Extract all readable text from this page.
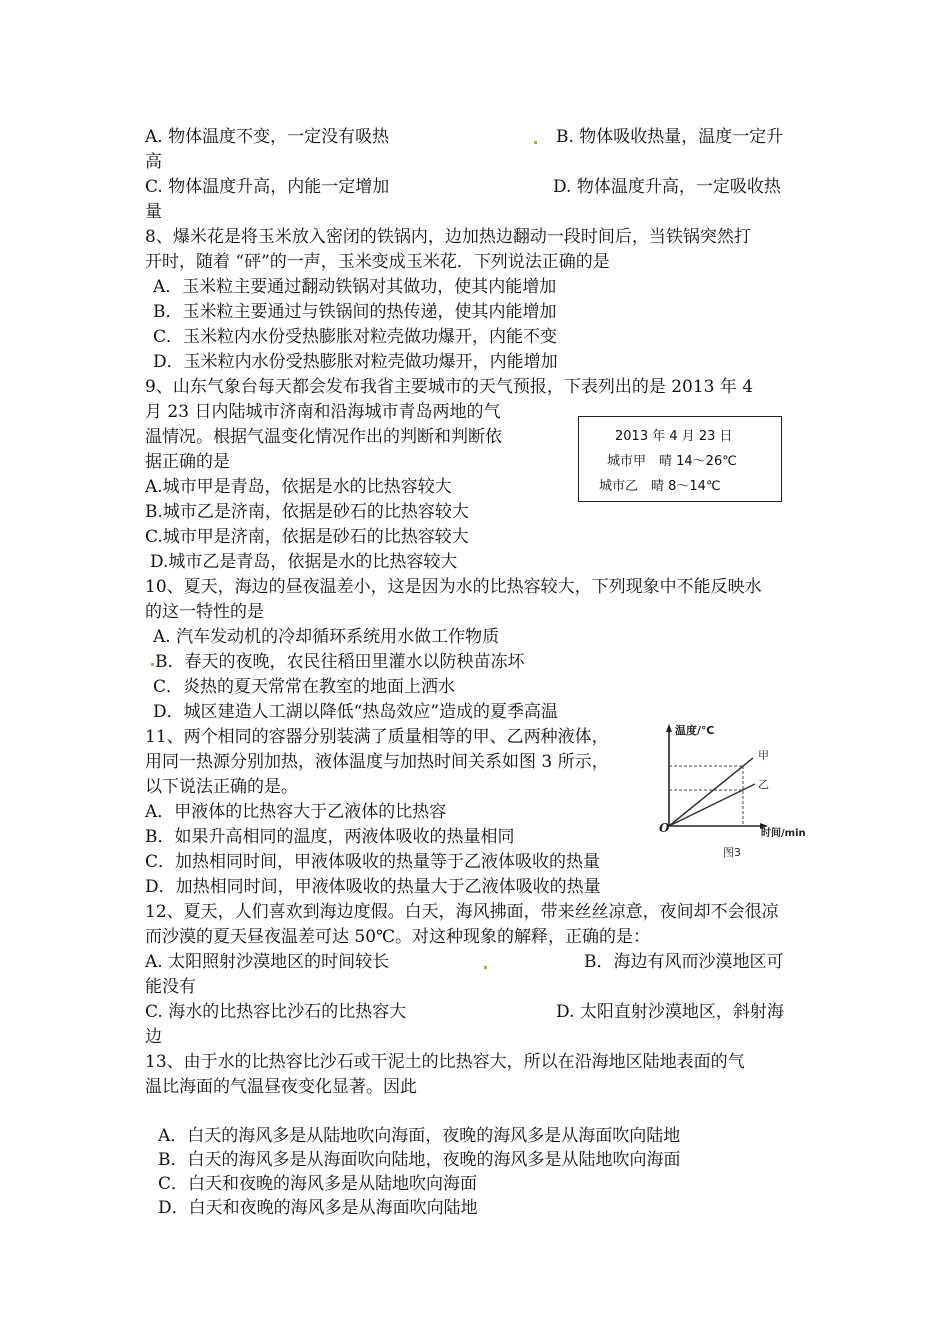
A. 物体温度不变，一定没有吸热	B. 物体吸收热量，温度一定升
高
C. 物体温度升高，内能一定增加	D. 物体温度升高，一定吸收热
量
8、爆米花是将玉米放入密闭的铁锅内，边加热边翻动一段时间后，当铁锅突然打
开时，随着 “砰”的一声，玉米变成玉米花．下列说法正确的是
A．玉米粒主要通过翻动铁锅对其做功，使其内能增加
B．玉米粒主要通过与铁锅间的热传递，使其内能增加
C．玉米粒内水份受热膨胀对粒壳做功爆开，内能不变
D．玉米粒内水份受热膨胀对粒壳做功爆开，内能增加
9、山东气象台每天都会发布我省主要城市的天气预报，下表列出的是 2013 年 4
月 23 日内陆城市济南和沿海城市青岛两地的气
温情况。根据气温变化情况作出的判断和判断依
据正确的是
A.城市甲是青岛，依据是水的比热容较大
B.城市乙是济南，依据是砂石的比热容较大
C.城市甲是济南，依据是砂石的比热容较大
D.城市乙是青岛，依据是水的比热容较大
2013 年 4 月 23 日
城市甲　晴 14～26℃
城市乙　晴 8～14℃
10、夏天，海边的昼夜温差小，这是因为水的比热容较大，下列现象中不能反映水
的这一特性的是
A. 汽车发动机的冷却循环系统用水做工作物质
B．春天的夜晚，农民往稻田里灌水以防秧苗冻坏
C．炎热的夏天常常在教室的地面上洒水
D．城区建造人工湖以降低“热岛效应”造成的夏季高温
11、两个相同的容器分别装满了质量相等的甲、乙两种液体，
用同一热源分别加热，液体温度与加热时间关系如图 3 所示，
以下说法正确的是。
A．甲液体的比热容大于乙液体的比热容
B．如果升高相同的温度，两液体吸收的热量相同
C．加热相同时间，甲液体吸收的热量等于乙液体吸收的热量
D．加热相同时间，甲液体吸收的热量大于乙液体吸收的热量
温度/℃
甲
乙
O	时间/min
图3
12、夏天，人们喜欢到海边度假。白天，海风拂面，带来丝丝凉意，夜间却不会很凉
而沙漠的夏天昼夜温差可达 50℃。对这种现象的解释，正确的是：
A. 太阳照射沙漠地区的时间较长	B．海边有风而沙漠地区可
能没有
C. 海水的比热容比沙石的比热容大	D. 太阳直射沙漠地区，斜射海
边
13、由于水的比热容比沙石或干泥土的比热容大，所以在沿海地区陆地表面的气
温比海面的气温昼夜变化显著。因此
A．白天的海风多是从陆地吹向海面，夜晚的海风多是从海面吹向陆地
B．白天的海风多是从海面吹向陆地，夜晚的海风多是从陆地吹向海面
C．白天和夜晚的海风多是从陆地吹向海面
D．白天和夜晚的海风多是从海面吹向陆地
